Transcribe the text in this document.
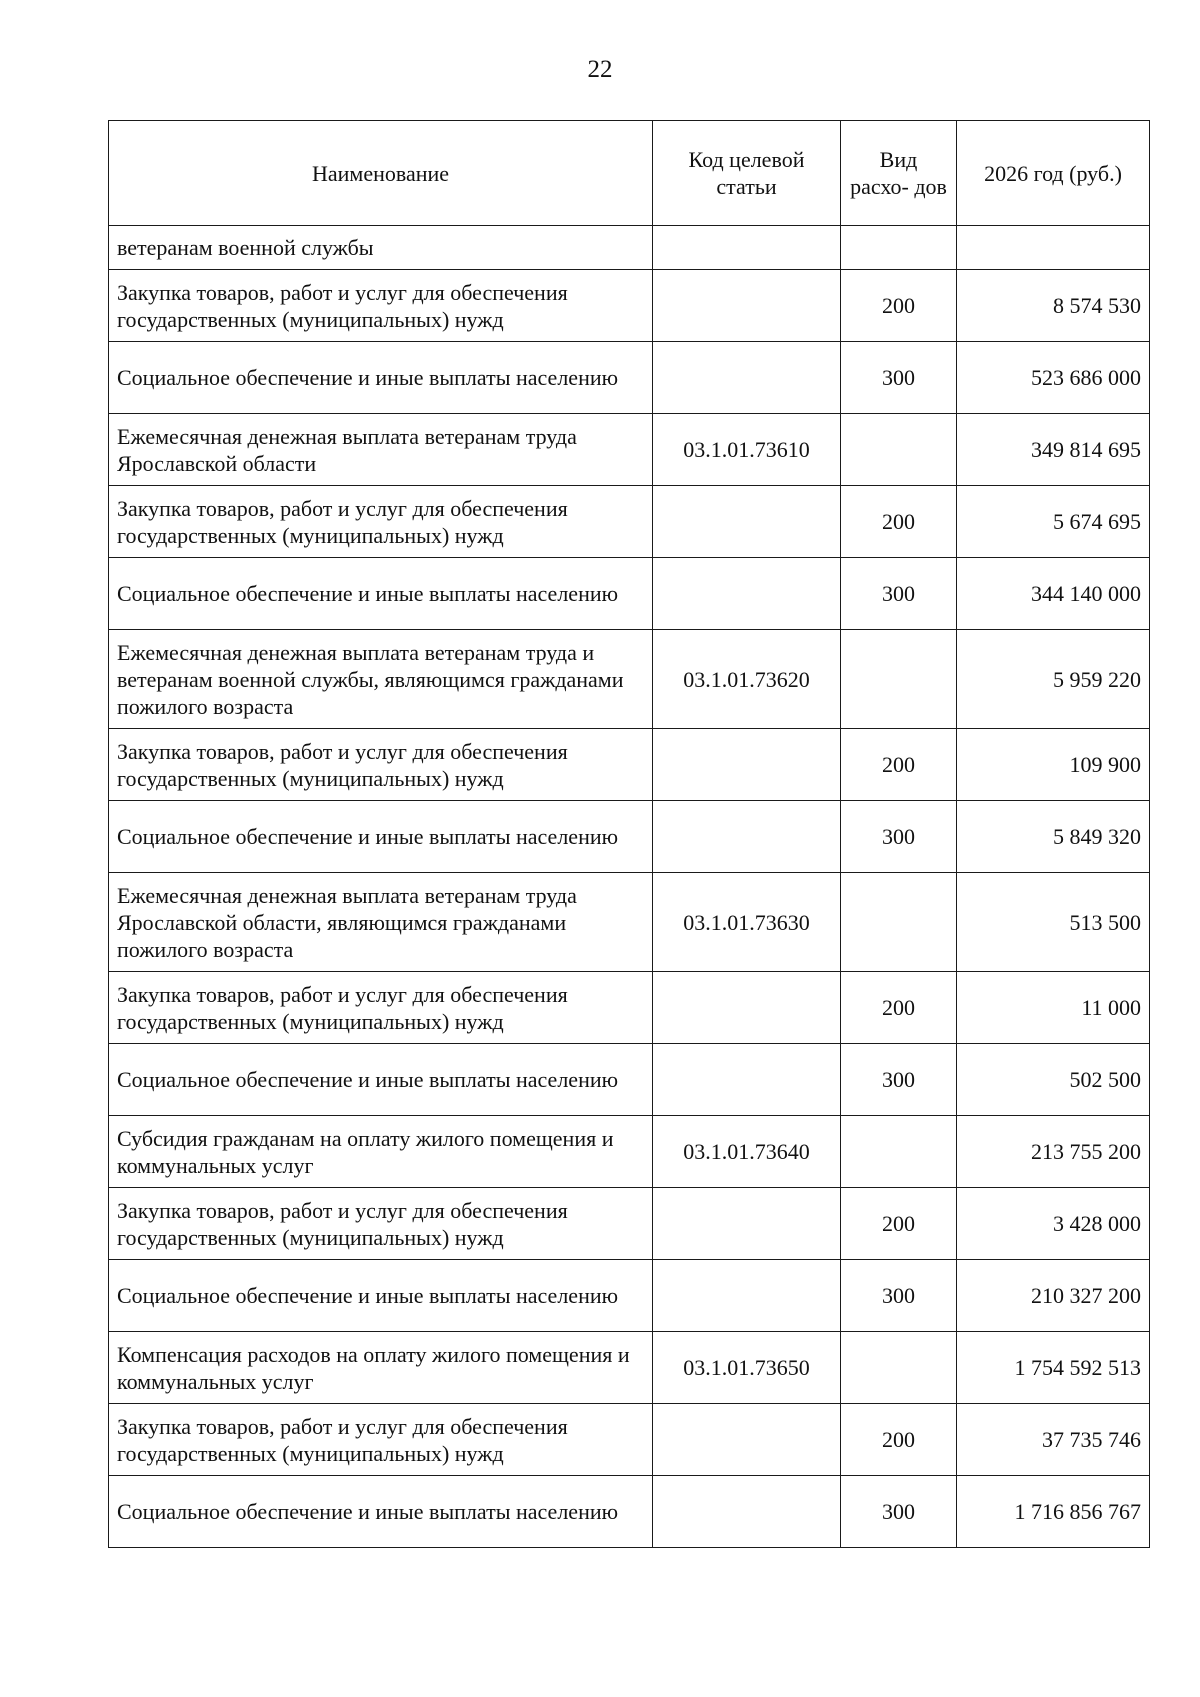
22
Наименование	Код целевой статьи	Вид расхо- дов	2026 год (руб.)
ветеранам военной службы			
Закупка товаров, работ и услуг для обеспечения государственных (муниципальных) нужд		200	8 574 530
Социальное обеспечение и иные выплаты населению		300	523 686 000
Ежемесячная денежная выплата ветеранам труда Ярославской области	03.1.01.73610		349 814 695
Закупка товаров, работ и услуг для обеспечения государственных (муниципальных) нужд		200	5 674 695
Социальное обеспечение и иные выплаты населению		300	344 140 000
Ежемесячная денежная выплата ветеранам труда и ветеранам военной службы, являющимся гражданами пожилого возраста	03.1.01.73620		5 959 220
Закупка товаров, работ и услуг для обеспечения государственных (муниципальных) нужд		200	109 900
Социальное обеспечение и иные выплаты населению		300	5 849 320
Ежемесячная денежная выплата ветеранам труда Ярославской области, являющимся гражданами пожилого возраста	03.1.01.73630		513 500
Закупка товаров, работ и услуг для обеспечения государственных (муниципальных) нужд		200	11 000
Социальное обеспечение и иные выплаты населению		300	502 500
Субсидия гражданам на оплату жилого помещения и коммунальных услуг	03.1.01.73640		213 755 200
Закупка товаров, работ и услуг для обеспечения государственных (муниципальных) нужд		200	3 428 000
Социальное обеспечение и иные выплаты населению		300	210 327 200
Компенсация расходов на оплату жилого помещения и коммунальных услуг	03.1.01.73650		1 754 592 513
Закупка товаров, работ и услуг для обеспечения государственных (муниципальных) нужд		200	37 735 746
Социальное обеспечение и иные выплаты населению		300	1 716 856 767
